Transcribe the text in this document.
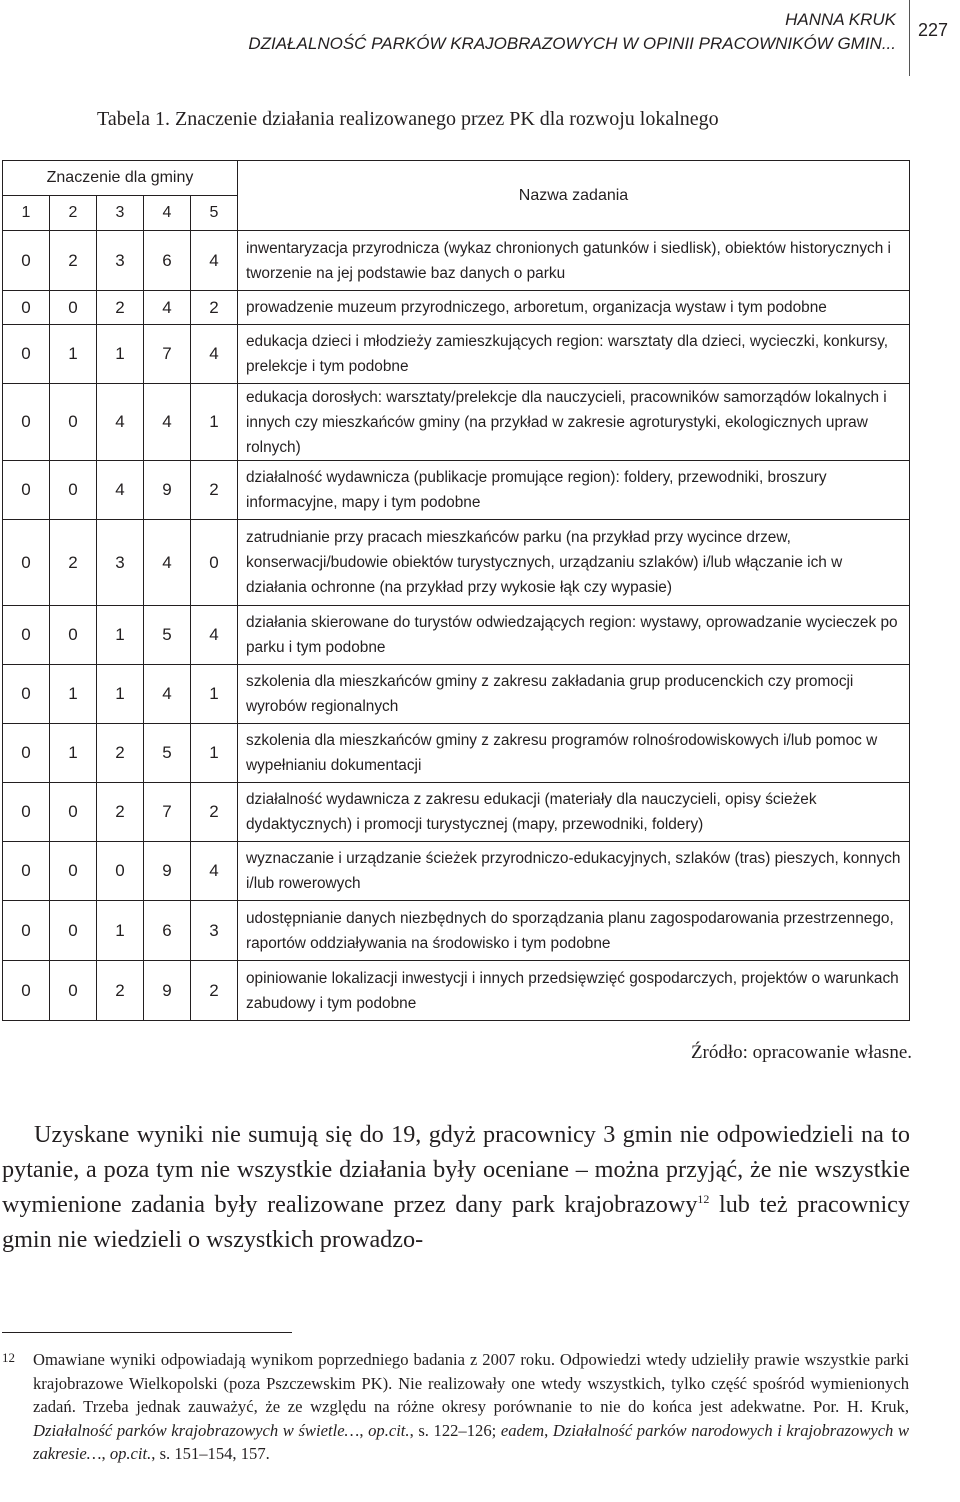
HANNA KRUK
DZIAŁALNOŚĆ PARKÓW KRAJOBRAZOWYCH W OPINII PRACOWNIKÓW GMIN...
227
Tabela 1. Znaczenie działania realizowanego przez PK dla rozwoju lokalnego
Znaczenie dla gminy					Nazwa zadania
1	2	3	4	5	
0	2	3	6	4	inwentaryzacja przyrodnicza (wykaz chronionych gatunków i siedlisk), obiektów historycznych i tworzenie na jej podstawie baz danych o parku
0	0	2	4	2	prowadzenie muzeum przyrodniczego, arboretum, organizacja wystaw i tym podobne
0	1	1	7	4	edukacja dzieci i młodzieży zamieszkujących region: warsztaty dla dzieci, wycieczki, konkursy, prelekcje i tym podobne
0	0	4	4	1	edukacja dorosłych: warsztaty/prelekcje dla nauczycieli, pracowników samorządów lokalnych i innych czy mieszkańców gminy (na przykład w zakresie agroturystyki, ekologicznych upraw rolnych)
0	0	4	9	2	działalność wydawnicza (publikacje promujące region): foldery, przewodniki, broszury informacyjne, mapy i tym podobne
0	2	3	4	0	zatrudnianie przy pracach mieszkańców parku (na przykład przy wycince drzew, konserwacji/budowie obiektów turystycznych, urządzaniu szlaków) i/lub włączanie ich w działania ochronne (na przykład przy wykosie łąk czy wypasie)
0	0	1	5	4	działania skierowane do turystów odwiedzających region: wystawy, oprowadzanie wycieczek po parku i tym podobne
0	1	1	4	1	szkolenia dla mieszkańców gminy z zakresu zakładania grup producenckich czy promocji wyrobów regionalnych
0	1	2	5	1	szkolenia dla mieszkańców gminy z zakresu programów rolnośrodowiskowych i/lub pomoc w wypełnianiu dokumentacji
0	0	2	7	2	działalność wydawnicza z zakresu edukacji (materiały dla nauczycieli, opisy ścieżek dydaktycznych) i promocji turystycznej (mapy, przewodniki, foldery)
0	0	0	9	4	wyznaczanie i urządzanie ścieżek przyrodniczo-edukacyjnych, szlaków (tras) pieszych, konnych i/lub rowerowych
0	0	1	6	3	udostępnianie danych niezbędnych do sporządzania planu zagospodarowania przestrzennego, raportów oddziaływania na środowisko i tym podobne
0	0	2	9	2	opiniowanie lokalizacji inwestycji i innych przedsięwzięć gospodarczych, projektów o warunkach zabudowy i tym podobne
Źródło: opracowanie własne.
Uzyskane wyniki nie sumują się do 19, gdyż pracownicy 3 gmin nie odpowiedzieli na to pytanie, a poza tym nie wszystkie działania były oceniane – można przyjąć, że nie wszystkie wymienione zadania były realizowane przez dany park krajobrazowy$^{12}$ lub też pracownicy gmin nie wiedzieli o wszystkich prowadzo-
12 Omawiane wyniki odpowiadają wynikom poprzedniego badania z 2007 roku. Odpowiedzi wtedy udzieliły prawie wszystkie parki krajobrazowe Wielkopolski (poza Pszczewskim PK). Nie realizowały one wtedy wszystkich, tylko część spośród wymienionych zadań. Trzeba jednak zauważyć, że ze względu na różne okresy porównanie to nie do końca jest adekwatne. Por. H. Kruk, Działalność parków krajobrazowych w świetle…, op.cit., s. 122–126; eadem, Działalność parków narodowych i krajobrazowych w zakresie…, op.cit., s. 151–154, 157.
